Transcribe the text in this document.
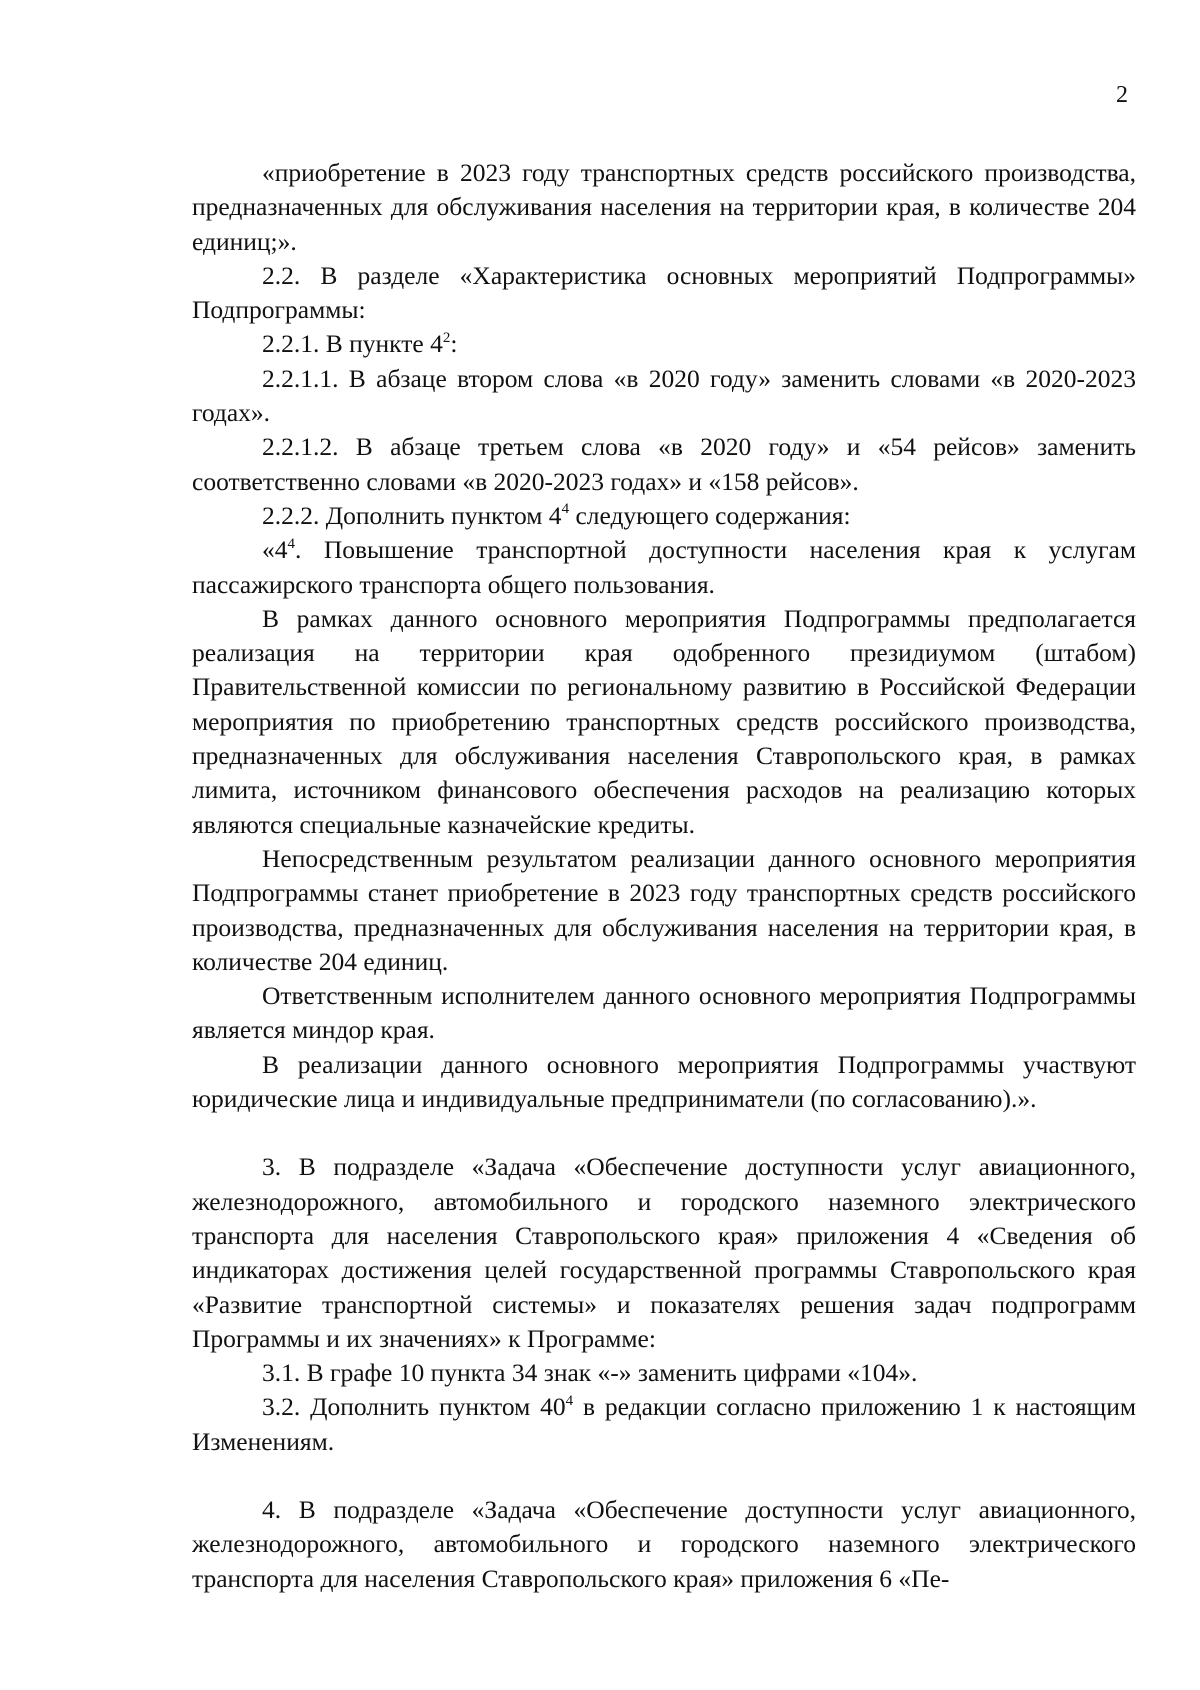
2

«приобретение в 2023 году транспортных средств российского производства, предназначенных для обслуживания населения на территории края, в количестве 204 единиц;».

2.2. В разделе «Характеристика основных мероприятий Подпрограммы» Подпрограммы:

2.2.1. В пункте $4^2$:

2.2.1.1. В абзаце втором слова «в 2020 году» заменить словами «в 2020-2023 годах».

2.2.1.2. В абзаце третьем слова «в 2020 году» и «54 рейсов» заменить соответственно словами «в 2020-2023 годах» и «158 рейсов».

2.2.2. Дополнить пунктом $4^4$ следующего содержания:

«$4^4$. Повышение транспортной доступности населения края к услугам пассажирского транспорта общего пользования.

В рамках данного основного мероприятия Подпрограммы предполагается реализация на территории края одобренного президиумом (штабом) Правительственной комиссии по региональному развитию в Российской Федерации мероприятия по приобретению транспортных средств российского производства, предназначенных для обслуживания населения Ставропольского края, в рамках лимита, источником финансового обеспечения расходов на реализацию которых являются специальные казначейские кредиты.

Непосредственным результатом реализации данного основного мероприятия Подпрограммы станет приобретение в 2023 году транспортных средств российского производства, предназначенных для обслуживания населения на территории края, в количестве 204 единиц.

Ответственным исполнителем данного основного мероприятия Подпрограммы является миндор края.

В реализации данного основного мероприятия Подпрограммы участвуют юридические лица и индивидуальные предприниматели (по согласованию).».

3. В подразделе «Задача «Обеспечение доступности услуг авиационного, железнодорожного, автомобильного и городского наземного электрического транспорта для населения Ставропольского края» приложения 4 «Сведения об индикаторах достижения целей государственной программы Ставропольского края «Развитие транспортной системы» и показателях решения задач подпрограмм Программы и их значениях» к Программе:

3.1. В графе 10 пункта 34 знак «-» заменить цифрами «104».

3.2. Дополнить пунктом $40^4$ в редакции согласно приложению 1 к настоящим Изменениям.

4. В подразделе «Задача «Обеспечение доступности услуг авиационного, железнодорожного, автомобильного и городского наземного электрического транспорта для населения Ставропольского края» приложения 6 «Пе-
